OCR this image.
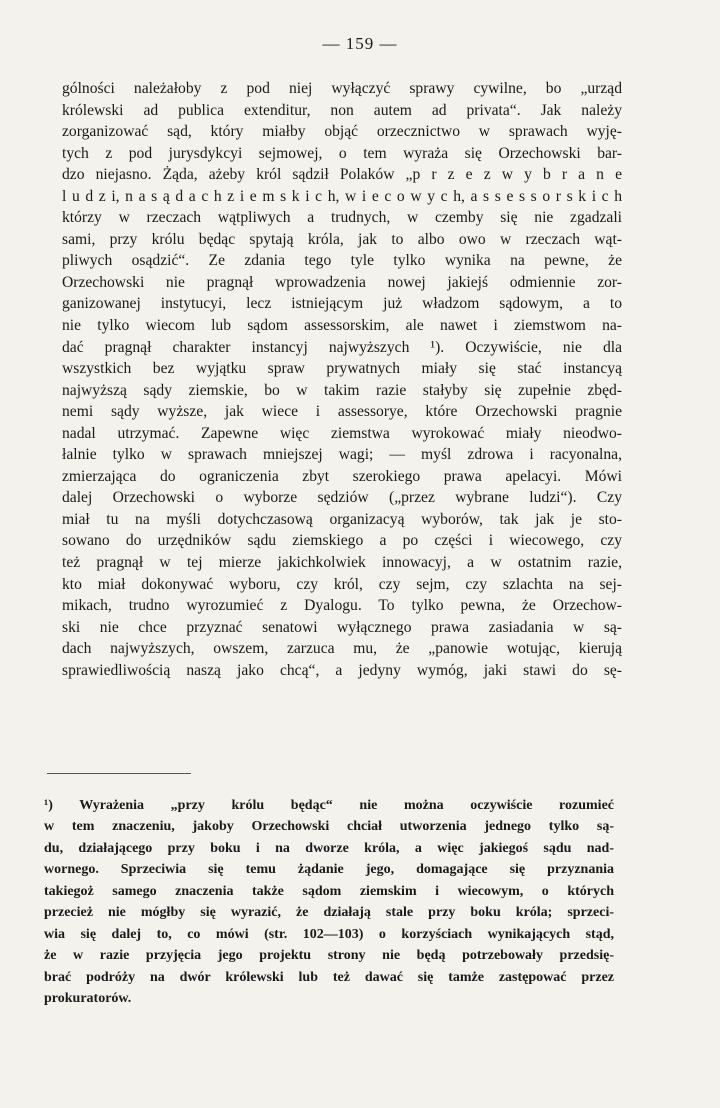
— 159 —
gólności należałoby z pod niej wyłączyć sprawy cywilne, bo „urząd
królewski ad publica extenditur, non autem ad privata“. Jak należy
zorganizować sąd, który miałby objąć orzecznictwo w sprawach wyję-
tych z pod jurysdykcyi sejmowej, o tem wyraża się Orzechowski bar-
dzo niejasno. Żąda, ażeby król sądził Polaków „p r z e z w y b r a n e
l u d z i, n a s ą d a c h z i e m s k i c h, w i e c o w y c h, a s s e s s o r s k i c h
którzy w rzeczach wątpliwych a trudnych, w czemby się nie zgadzali
sami, przy królu będąc spytają króla, jak to albo owo w rzeczach wąt-
pliwych osądzić“. Ze zdania tego tyle tylko wynika na pewne, że
Orzechowski nie pragnął wprowadzenia nowej jakiejś odmiennie zor-
ganizowanej instytucyi, lecz istniejącym już władzom sądowym, a to
nie tylko wiecom lub sądom assessorskim, ale nawet i ziemstwom na-
dać pragnął charakter instancyj najwyższych ¹). Oczywiście, nie dla
wszystkich bez wyjątku spraw prywatnych miały się stać instancyą
najwyższą sądy ziemskie, bo w takim razie stałyby się zupełnie zbęd-
nemi sądy wyższe, jak wiece i assessorye, które Orzechowski pragnie
nadal utrzymać. Zapewne więc ziemstwa wyrokować miały nieodwo-
łalnie tylko w sprawach mniejszej wagi; — myśl zdrowa i racyonalna,
zmierzająca do ograniczenia zbyt szerokiego prawa apelacyi. Mówi
dalej Orzechowski o wyborze sędziów („przez wybrane ludzi“). Czy
miał tu na myśli dotychczasową organizacyą wyborów, tak jak je sto-
sowano do urzędników sądu ziemskiego a po części i wiecowego, czy
też pragnął w tej mierze jakichkolwiek innowacyj, a w ostatnim razie,
kto miał dokonywać wyboru, czy król, czy sejm, czy szlachta na sej-
mikach, trudno wyrozumieć z Dyalogu. To tylko pewna, że Orzechow-
ski nie chce przyznać senatowi wyłącznego prawa zasiadania w są-
dach najwyższych, owszem, zarzuca mu, że „panowie wotując, kierują
sprawiedliwością naszą jako chcą“, a jedyny wymóg, jaki stawi do sę-
¹) Wyrażenia „przy królu będąc“ nie można oczywiście rozumieć
w tem znaczeniu, jakoby Orzechowski chciał utworzenia jednego tylko są-
du, działającego przy boku i na dworze króla, a więc jakiegoś sądu nad-
wornego. Sprzeciwia się temu żądanie jego, domagające się przyznania
takiegoż samego znaczenia także sądom ziemskim i wiecowym, o których
przecież nie mógłby się wyrazić, że działają stale przy boku króla; sprzeci-
wia się dalej to, co mówi (str. 102—103) o korzyściach wynikających stąd,
że w razie przyjęcia jego projektu strony nie będą potrzebowały przedsię-
brać podróży na dwór królewski lub też dawać się tamże zastępować przez
prokuratorów.
